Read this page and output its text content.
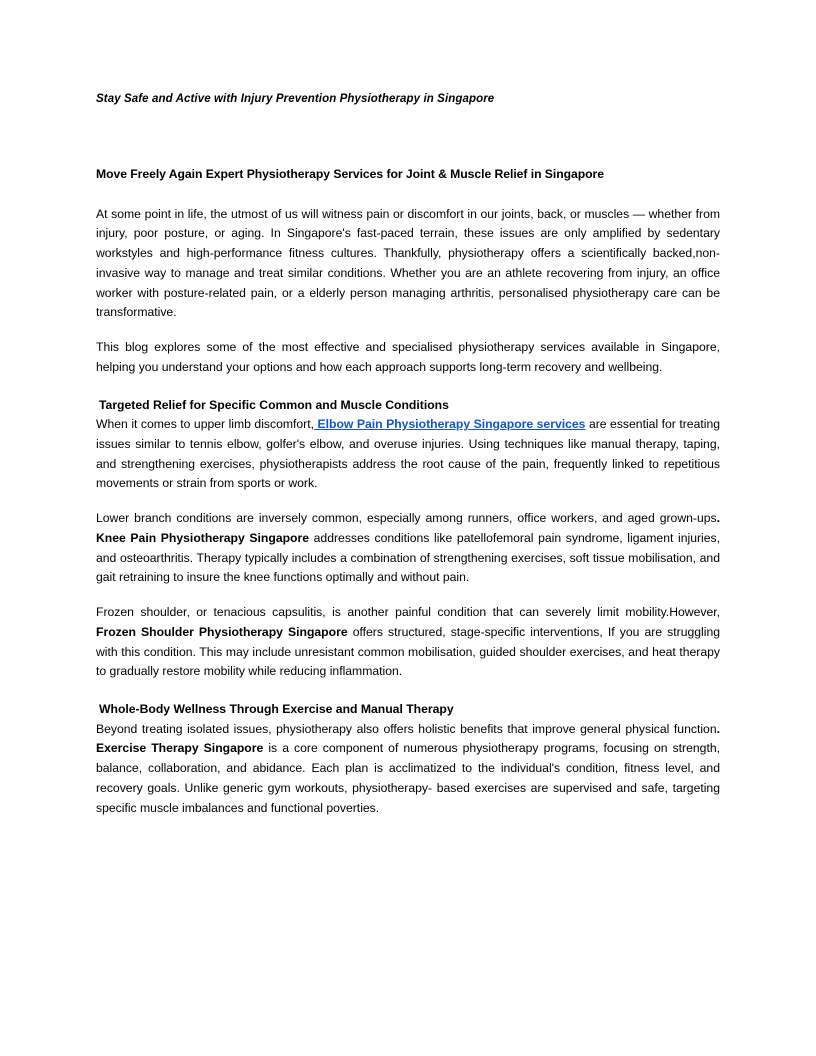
Stay Safe and Active with Injury Prevention Physiotherapy in Singapore
Move Freely Again Expert Physiotherapy Services for Joint & Muscle Relief in Singapore

At some point in life, the utmost of us will witness pain or discomfort in our joints, back, or muscles — whether from injury, poor posture, or aging. In Singapore's fast-paced terrain, these issues are only amplified by sedentary workstyles and high-performance fitness cultures. Thankfully, physiotherapy offers a scientifically backed,non-invasive way to manage and treat similar conditions. Whether you are an athlete recovering from injury, an office worker with posture-related pain, or a elderly person managing arthritis, personalised physiotherapy care can be transformative.

This blog explores some of the most effective and specialised physiotherapy services available in Singapore, helping you understand your options and how each approach supports long-term recovery and wellbeing.

Targeted Relief for Specific Common and Muscle Conditions

When it comes to upper limb discomfort, Elbow Pain Physiotherapy Singapore services are essential for treating issues similar to tennis elbow, golfer's elbow, and overuse injuries. Using techniques like manual therapy, taping, and strengthening exercises, physiotherapists address the root cause of the pain, frequently linked to repetitious movements or strain from sports or work.

Lower branch conditions are inversely common, especially among runners, office workers, and aged grown-ups. Knee Pain Physiotherapy Singapore addresses conditions like patellofemoral pain syndrome, ligament injuries, and osteoarthritis. Therapy typically includes a combination of strengthening exercises, soft tissue mobilisation, and gait retraining to insure the knee functions optimally and without pain.

Frozen shoulder, or tenacious capsulitis, is another painful condition that can severely limit mobility.However, Frozen Shoulder Physiotherapy Singapore offers structured, stage-specific interventions, If you are struggling with this condition. This may include unresistant common mobilisation, guided shoulder exercises, and heat therapy to gradually restore mobility while reducing inflammation.

Whole-Body Wellness Through Exercise and Manual Therapy

Beyond treating isolated issues, physiotherapy also offers holistic benefits that improve general physical function. Exercise Therapy Singapore is a core component of numerous physiotherapy programs, focusing on strength, balance, collaboration, and abidance. Each plan is acclimatized to the individual's condition, fitness level, and recovery goals. Unlike generic gym workouts, physiotherapy- based exercises are supervised and safe, targeting specific muscle imbalances and functional poverties.
